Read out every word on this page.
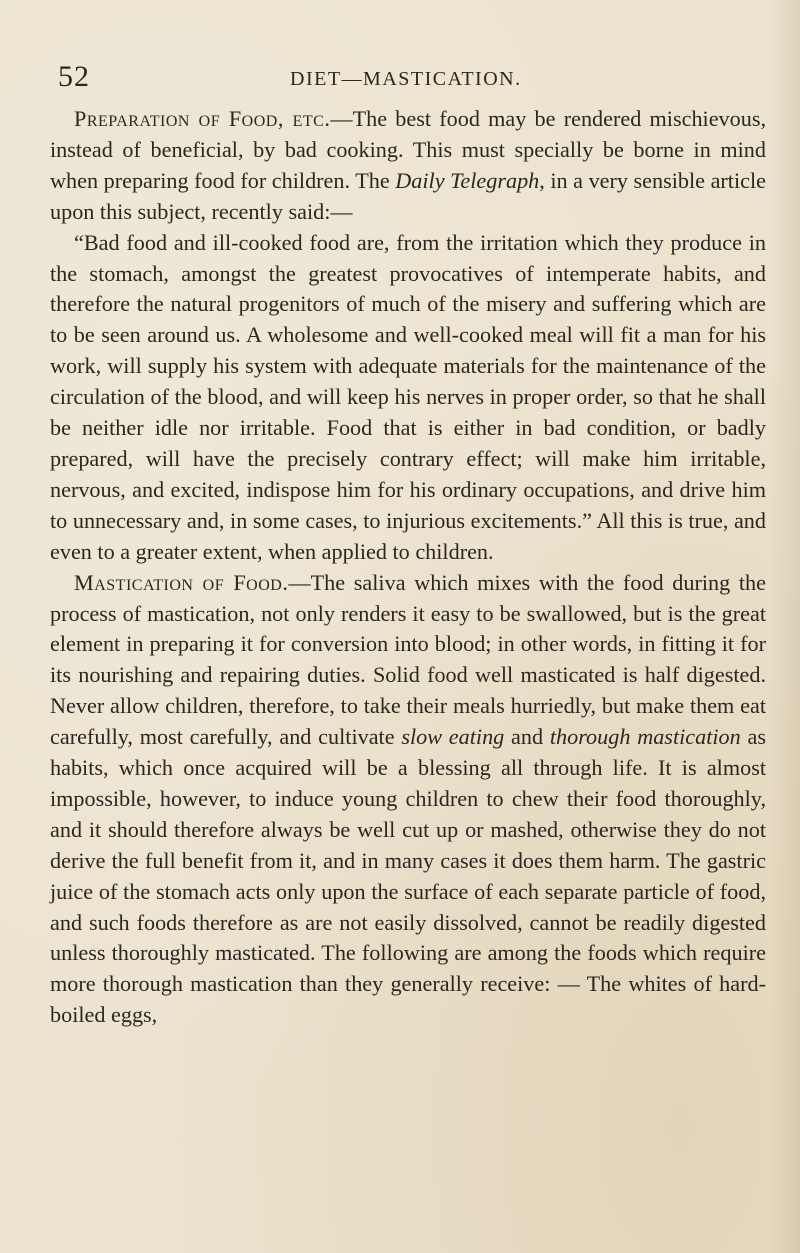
52	DIET—MASTICATION.

Preparation of Food, etc.—The best food may be rendered mischievous, instead of beneficial, by bad cooking. This must specially be borne in mind when preparing food for children. The Daily Telegraph, in a very sensible article upon this subject, recently said:—

“Bad food and ill-cooked food are, from the irritation which they produce in the stomach, amongst the greatest provocatives of intemperate habits, and therefore the natural progenitors of much of the misery and suffering which are to be seen around us. A wholesome and well-cooked meal will fit a man for his work, will supply his system with adequate materials for the maintenance of the circulation of the blood, and will keep his nerves in proper order, so that he shall be neither idle nor irritable. Food that is either in bad condition, or badly prepared, will have the precisely contrary effect; will make him irritable, nervous, and excited, indispose him for his ordinary occupations, and drive him to unnecessary and, in some cases, to injurious excitements.” All this is true, and even to a greater extent, when applied to children.

Mastication of Food.—The saliva which mixes with the food during the process of mastication, not only renders it easy to be swallowed, but is the great element in preparing it for conversion into blood; in other words, in fitting it for its nourishing and repairing duties. Solid food well masticated is half digested. Never allow children, therefore, to take their meals hurriedly, but make them eat carefully, most carefully, and cultivate slow eating and thorough mastication as habits, which once acquired will be a blessing all through life. It is almost impossible, however, to induce young children to chew their food thoroughly, and it should therefore always be well cut up or mashed, otherwise they do not derive the full benefit from it, and in many cases it does them harm. The gastric juice of the stomach acts only upon the surface of each separate particle of food, and such foods therefore as are not easily dissolved, cannot be readily digested unless thoroughly masticated. The following are among the foods which require more thorough mastication than they generally receive: — The whites of hard-boiled eggs,
